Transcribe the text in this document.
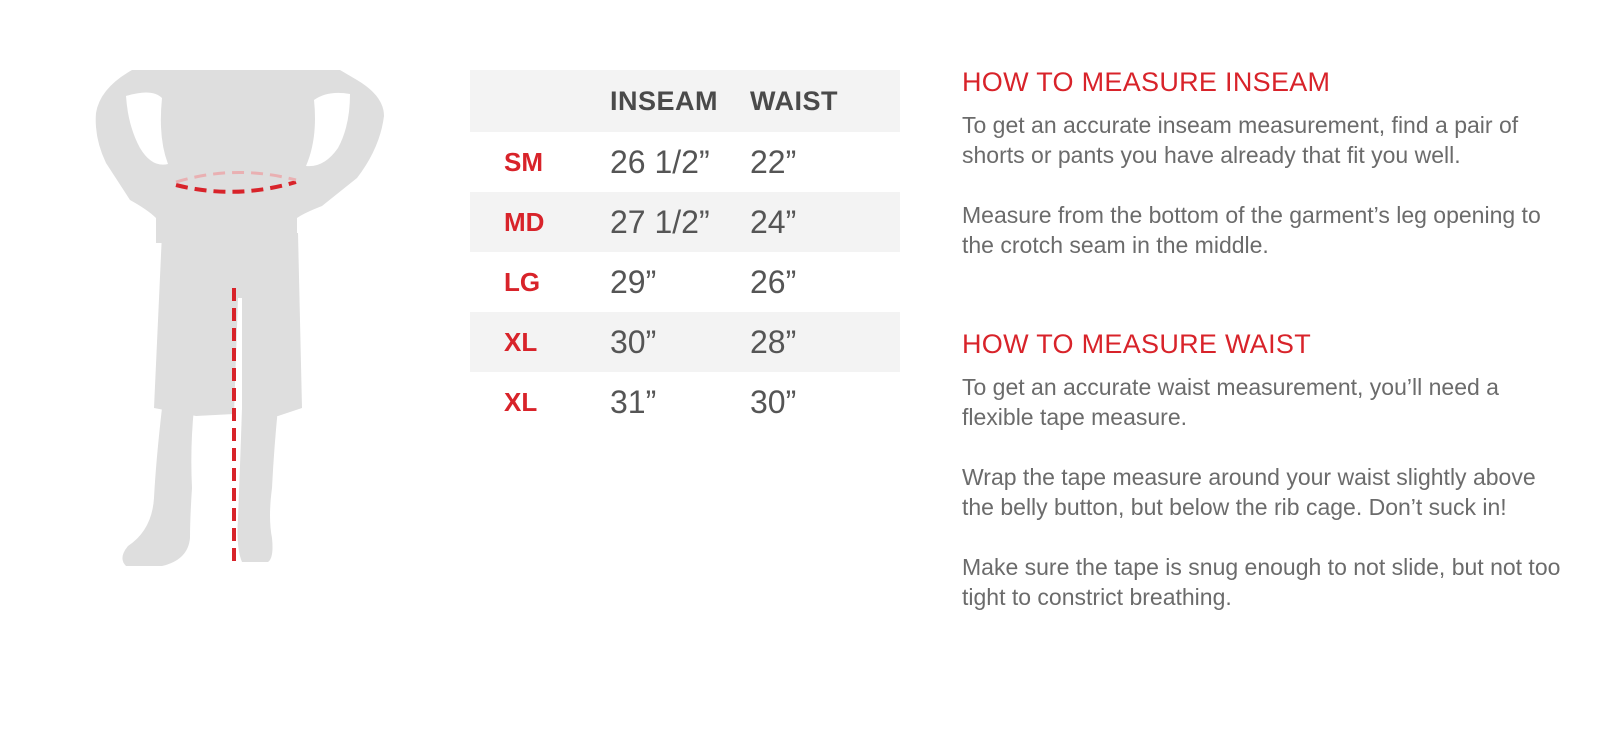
	INSEAM	WAIST
SM	26 1/2”	22”
MD	27 1/2”	24”
LG	29”	26”
XL	30”	28”
XL	31”	30”
HOW TO MEASURE INSEAM

To get an accurate inseam measurement, find a pair of shorts or pants you have already that fit you well.

Measure from the bottom of the garment’s leg opening to the crotch seam in the middle.

HOW TO MEASURE WAIST

To get an accurate waist measurement, you’ll need a flexible tape measure.

Wrap the tape measure around your waist slightly above the belly button, but below the rib cage. Don’t suck in!

Make sure the tape is snug enough to not slide, but not too tight to constrict breathing.
